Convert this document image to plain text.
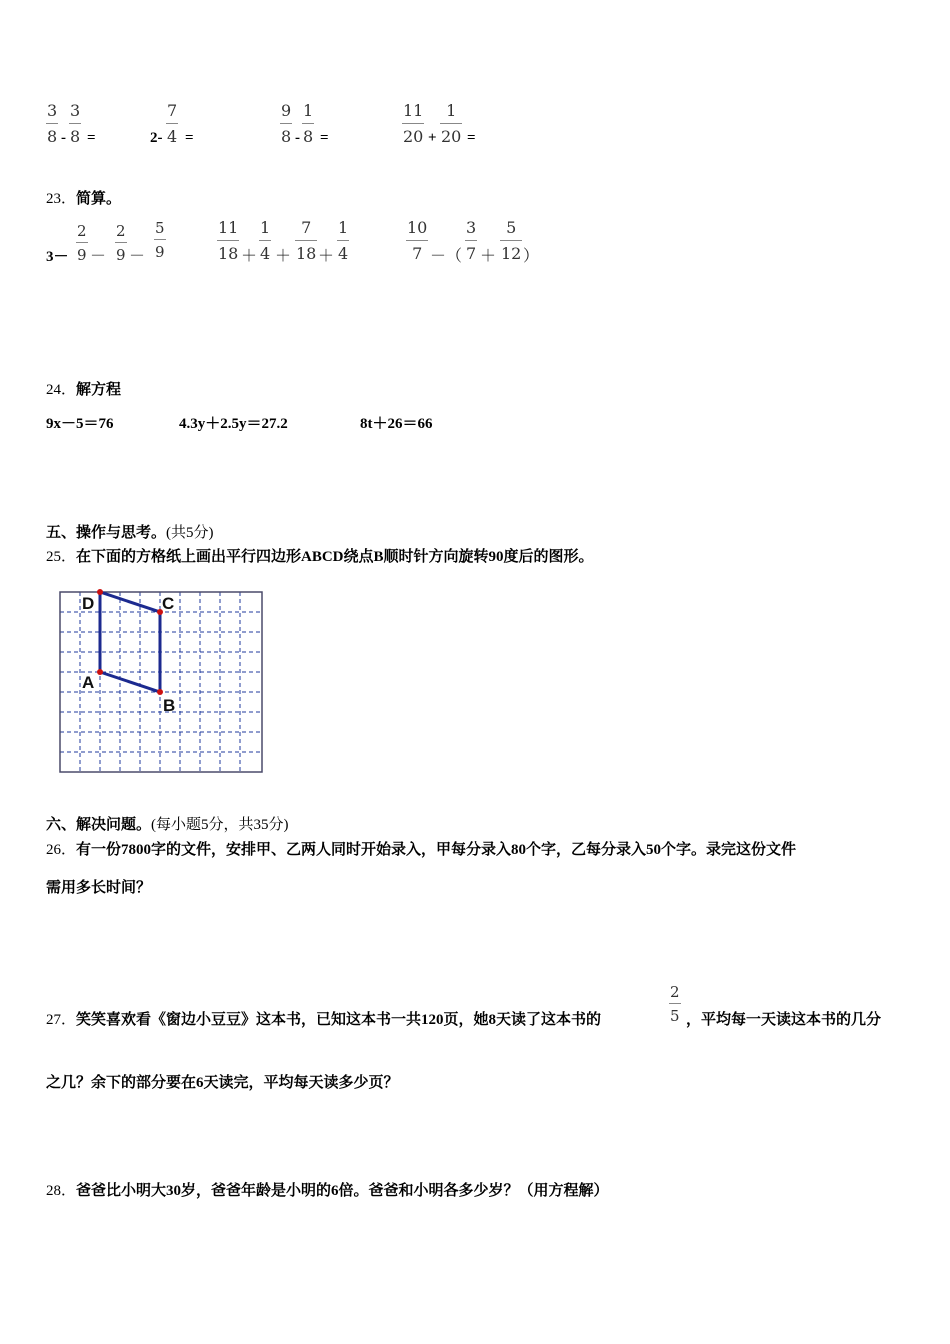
3
8 -
3
8 =	2-
7
4 =
9
8 -
1
8 =
11
20 +
1
20 =
23．简算。
3－
2
9 －
2
9 －
5
9
11
18 ＋
1
4 ＋
7
18 ＋
1
4
10
7 －（
3
7 ＋
5
12 ）
24．解方程
9x－5＝76	4.3y＋2.5y＝27.2	8t＋26＝66
五、操作与思考。(共5分)
25．在下面的方格纸上画出平行四边形ABCD绕点B顺时针方向旋转90度后的图形。
D	C
A
B
六、解决问题。(每小题5分，共35分)
26．有一份7800字的文件，安排甲、乙两人同时开始录入，甲每分录入80个字，乙每分录入50个字。录完这份文件
需用多长时间？
27．笑笑喜欢看《窗边小豆豆》这本书，已知这本书一共120页，她8天读了这本书的
2
5 ，平均每一天读这本书的几分
之几？余下的部分要在6天读完，平均每天读多少页？
28．爸爸比小明大30岁，爸爸年龄是小明的6倍。爸爸和小明各多少岁？（用方程解）
